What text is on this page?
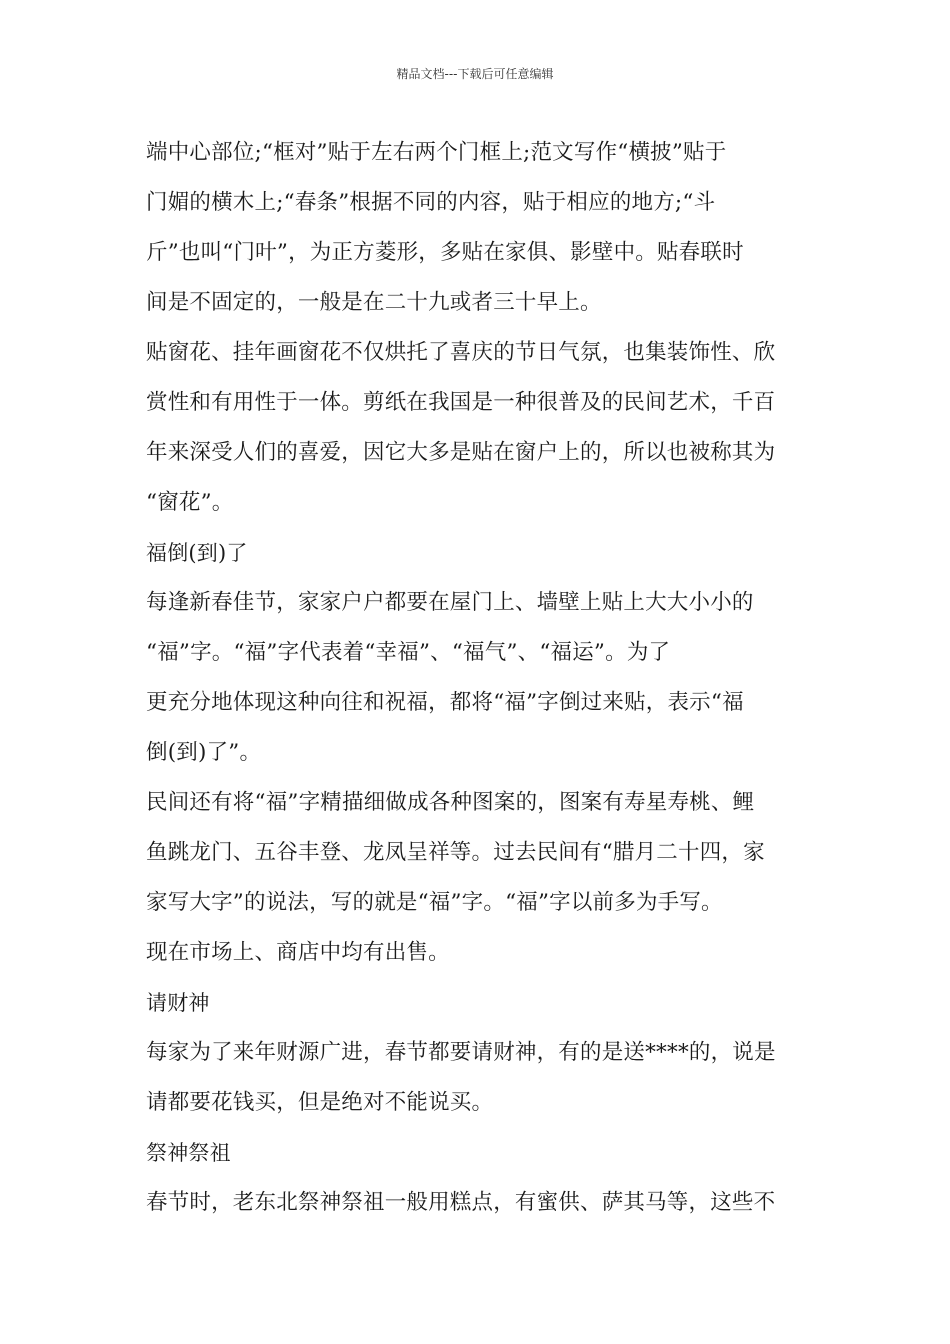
精品文档---下载后可任意编辑
端中心部位;“框对”贴于左右两个门框上;范文写作“横披”贴于
门媚的横木上;“春条”根据不同的内容，贴于相应的地方;“斗
斤”也叫“门叶”，为正方菱形，多贴在家俱、影壁中。贴春联时
间是不固定的，一般是在二十九或者三十早上。
贴窗花、挂年画窗花不仅烘托了喜庆的节日气氛，也集装饰性、欣
赏性和有用性于一体。剪纸在我国是一种很普及的民间艺术，千百
年来深受人们的喜爱，因它大多是贴在窗户上的，所以也被称其为
“窗花”。
福倒(到)了
每逢新春佳节，家家户户都要在屋门上、墙壁上贴上大大小小的
“福”字。“福”字代表着“幸福”、“福气”、“福运”。为了
更充分地体现这种向往和祝福，都将“福”字倒过来贴，表示“福
倒(到)了”。
民间还有将“福”字精描细做成各种图案的，图案有寿星寿桃、鲤
鱼跳龙门、五谷丰登、龙凤呈祥等。过去民间有“腊月二十四，家
家写大字”的说法，写的就是“福”字。“福”字以前多为手写。
现在市场上、商店中均有出售。
请财神
每家为了来年财源广进，春节都要请财神，有的是送****的，说是
请都要花钱买，但是绝对不能说买。
祭神祭祖
春节时，老东北祭神祭祖一般用糕点，有蜜供、萨其马等，这些不
